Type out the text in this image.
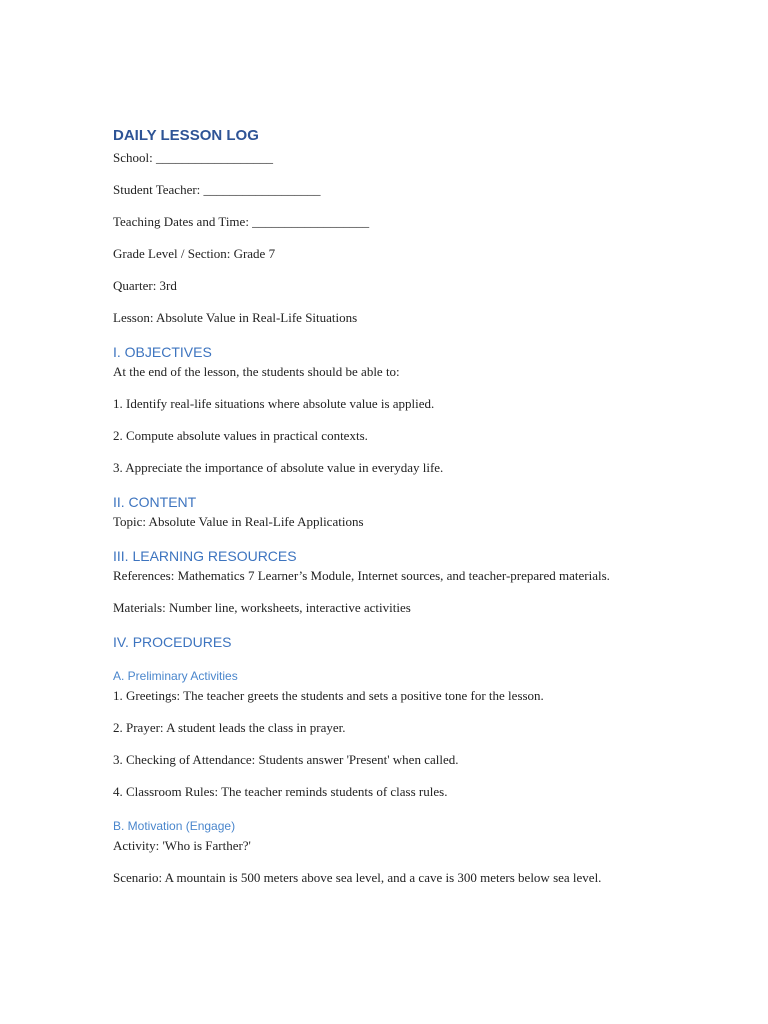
DAILY LESSON LOG

School: __________________

Student Teacher: __________________

Teaching Dates and Time: __________________

Grade Level / Section: Grade 7

Quarter: 3rd

Lesson: Absolute Value in Real-Life Situations

I. OBJECTIVES

At the end of the lesson, the students should be able to:

1. Identify real-life situations where absolute value is applied.

2. Compute absolute values in practical contexts.

3. Appreciate the importance of absolute value in everyday life.

II. CONTENT

Topic: Absolute Value in Real-Life Applications

III. LEARNING RESOURCES

References: Mathematics 7 Learner’s Module, Internet sources, and teacher-prepared materials.

Materials: Number line, worksheets, interactive activities

IV. PROCEDURES
A. Preliminary Activities

1. Greetings: The teacher greets the students and sets a positive tone for the lesson.

2. Prayer: A student leads the class in prayer.

3. Checking of Attendance: Students answer 'Present' when called.

4. Classroom Rules: The teacher reminds students of class rules.

B. Motivation (Engage)

Activity: 'Who is Farther?'

Scenario: A mountain is 500 meters above sea level, and a cave is 300 meters below sea level.
